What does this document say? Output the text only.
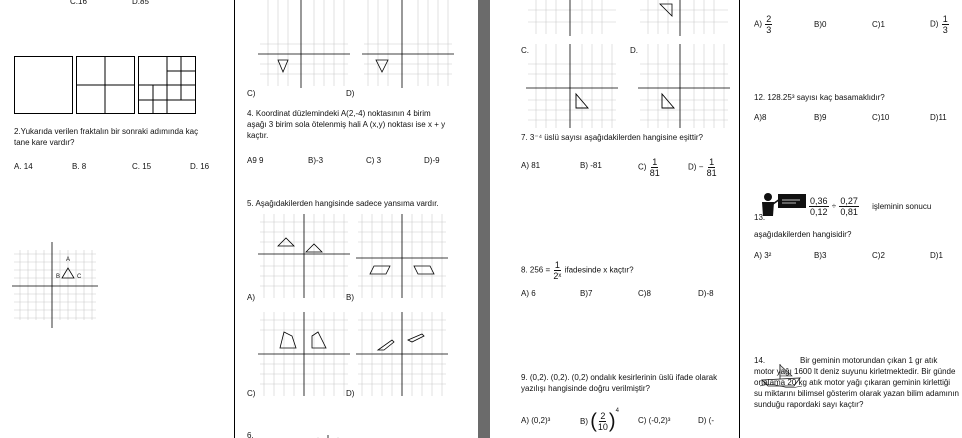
C.16	D.85
2.Yukarıda verilen fraktalın bir sonraki adımında kaç tane kare vardır?
A. 14	B. 8	C. 15	D. 16
A
B	C
C)	D)
4. Koordinat düzlemindeki A(2,-4) noktasının 4 birim aşağı 3 birim sola ötelenmiş hali A (x,y) noktası ise x + y kaçtır.
A9 9	B)-3	C) 3	D)-9
5. Aşağıdakilerden hangisinde sadece yansıma vardır.
A)	B)
C)	D)
6.
C.	D.
7. 3⁻⁴ üslü sayısı aşağıdakilerden hangisine eşittir?
A) 81	B) -81	$C) \frac{1}{81}$	$D) - \frac{1}{81}$
8. $256 = \frac{1}{\text{2ˣ}}$ ifadesinde x kaçtır?
A) 6	B)7	C)8	D)-8
9. (0,2). (0,2). (0,2) ondalık kesirlerinin üslü ifade olarak yazılışı hangisinde doğru verilmiştir?
A) (0,2)³	B) ( $\frac{2}{10} )^4$
C) (-0,2)³	D) (-
$A) \frac{2}{3}$	B)0	C)1	$D) \frac{1}{3}$
12. 128.25³ sayısı kaç basamaklıdır?
A)8	B)9	C)10	D)11
13.
$\frac{0,36}{0,12} \div \frac{0,27}{0,81}$ işleminin sonucu
aşağıdakilerden hangisidir?
A) 3²	B)3	C)2	D)1
14.	Bir geminin motorundan çıkan 1 gr atık motor yağı 1600 lt deniz suyunu kirletmektedir. Bir günde ortalama 20 kg atık motor yağı çıkaran geminin kirlettiği su miktarını bilimsel gösterim olarak yazan bilim adamının sunduğu rapordaki sayı kaçtır?
